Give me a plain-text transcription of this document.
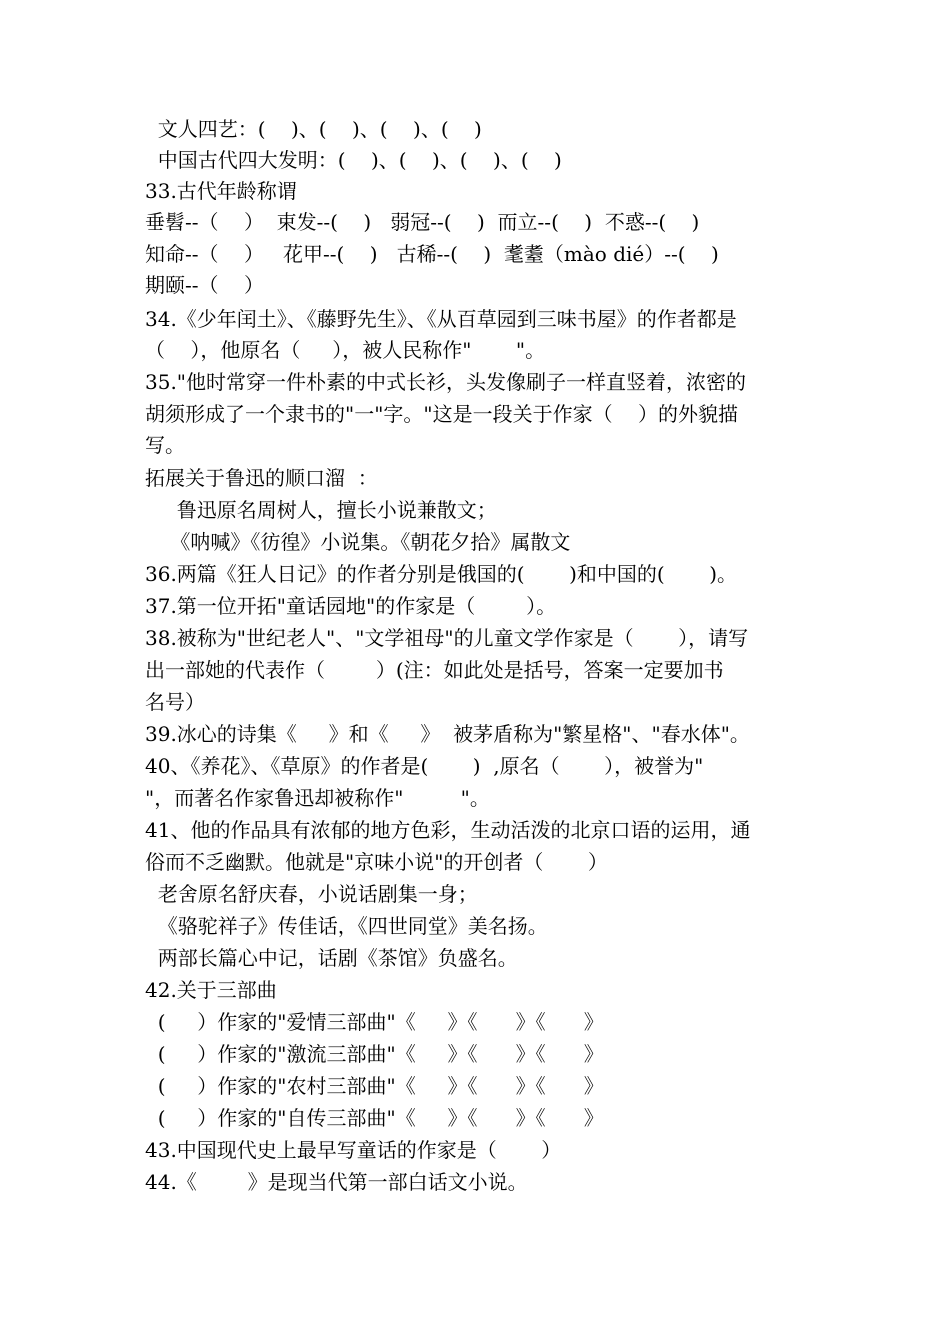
文人四艺：(    )、(    )、(    )、(    )

中国古代四大发明：(    )、(    )、(    )、(    )

33.古代年龄称谓

垂髫--（    ）  束发--(    )   弱冠--(    )  而立--(    )  不惑--(    )

知命--（    ）   花甲--(    )   古稀--(    )  耄耋（mào dié）--(    )

期颐--（    ）

34.《少年闰土》、《藤野先生》、《从百草园到三味书屋》的作者都是

（    ），他原名（     ），被人民称作"       "。

35."他时常穿一件朴素的中式长衫，头发像刷子一样直竖着，浓密的

胡须形成了一个隶书的"一"字。"这是一段关于作家（    ）的外貌描

写。

拓展关于鲁迅的顺口溜  ：

鲁迅原名周树人，擅长小说兼散文；

《呐喊》《彷徨》小说集。《朝花夕拾》属散文

36.两篇《狂人日记》的作者分别是俄国的(       )和中国的(       )。

37.第一位开拓"童话园地"的作家是（        ）。

38.被称为"世纪老人"、"文学祖母"的儿童文学作家是（       ），请写

出一部她的代表作（        ）(注：如此处是括号，答案一定要加书

名号）

39.冰心的诗集《     》和《     》  被茅盾称为"繁星格"、"春水体"。

40、《养花》、《草原》的作者是(       )  ,原名（       ），被誉为"

"，而著名作家鲁迅却被称作"         "。

41、他的作品具有浓郁的地方色彩，生动活泼的北京口语的运用，通

俗而不乏幽默。他就是"京味小说"的开创者（       ）

老舍原名舒庆春，小说话剧集一身；

《骆驼祥子》传佳话，《四世同堂》美名扬。

两部长篇心中记，话剧《茶馆》负盛名。

42.关于三部曲

(     ）作家的"爱情三部曲"《     》《      》《      》

(     ）作家的"激流三部曲"《     》《      》《      》

(     ）作家的"农村三部曲"《     》《      》《      》

(     ）作家的"自传三部曲"《     》《      》《      》

43.中国现代史上最早写童话的作家是（       ）

44.《        》是现当代第一部白话文小说。
